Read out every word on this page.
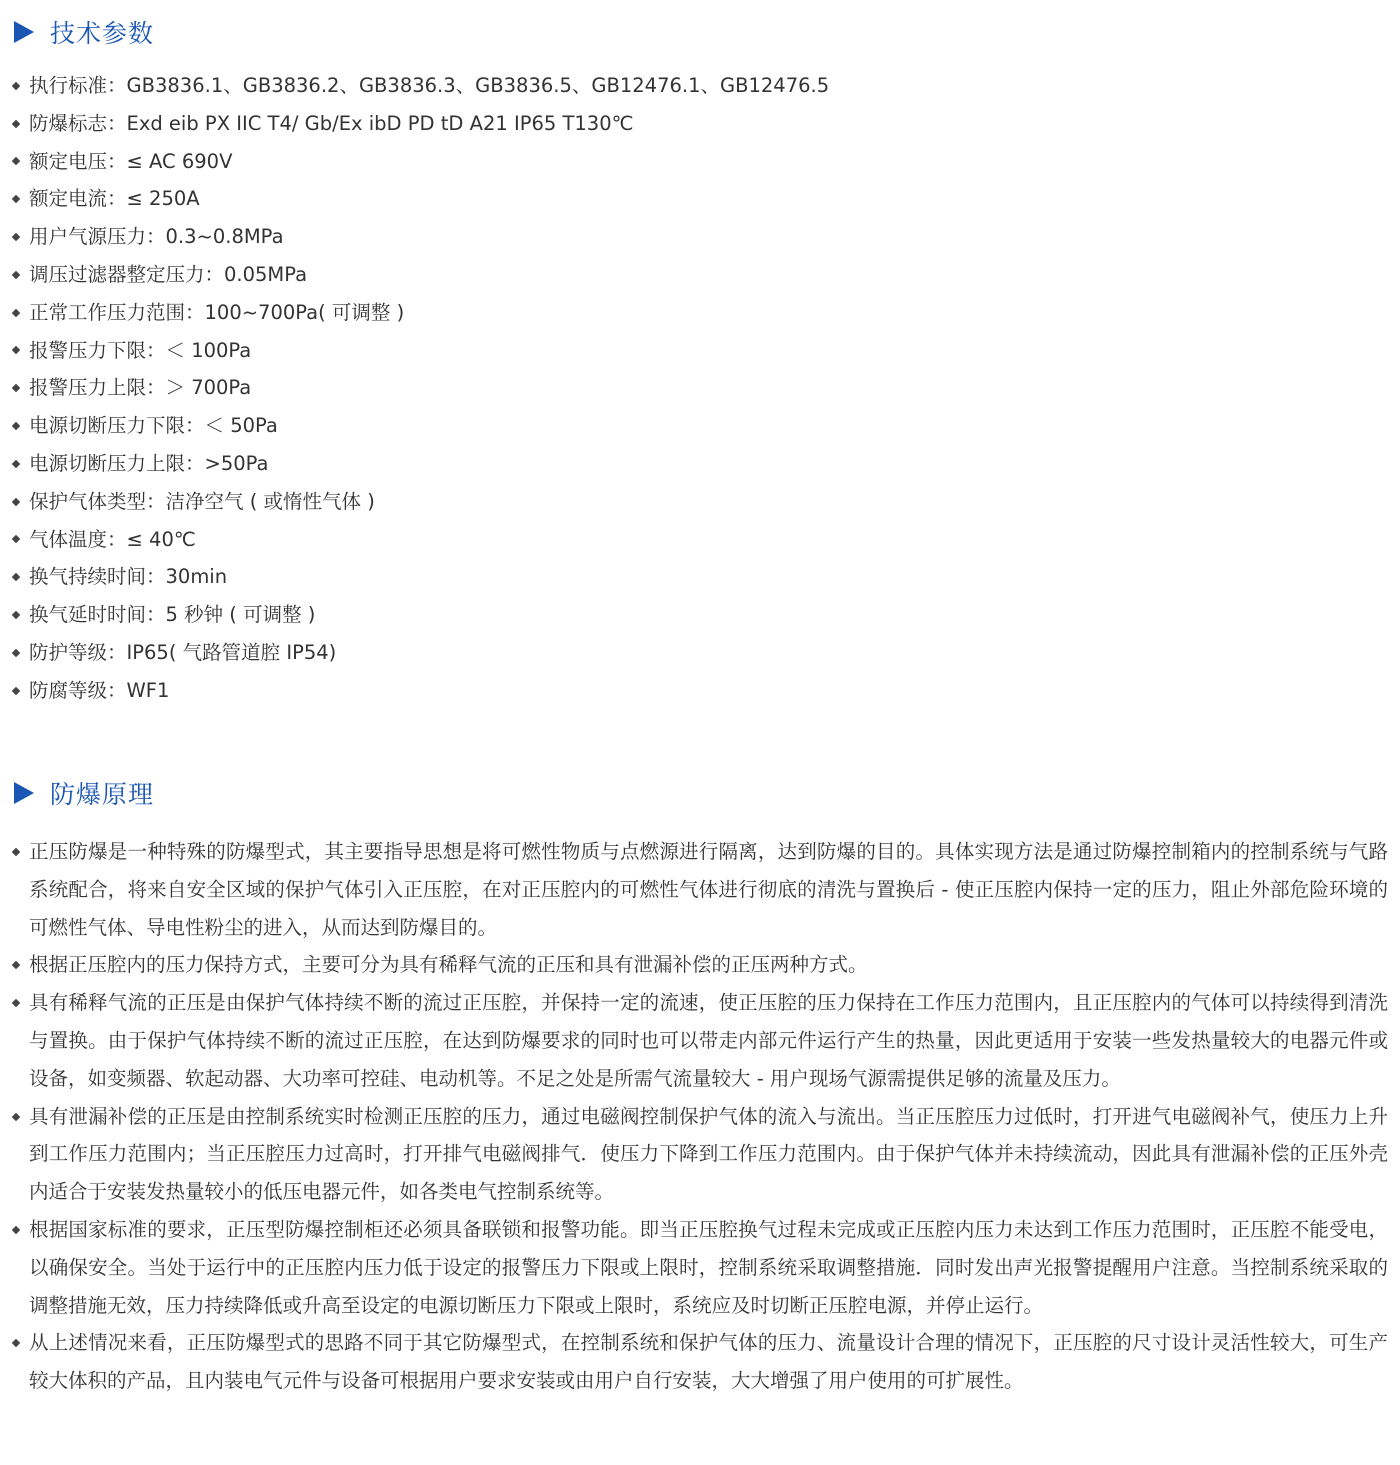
技术参数
执行标准：GB3836.1、GB3836.2、GB3836.3、GB3836.5、GB12476.1、GB12476.5
防爆标志：Exd eib PX IIC T4/ Gb/Ex ibD PD tD A21 IP65 T130℃
额定电压：≤ AC 690V
额定电流：≤ 250A
用户气源压力：0.3~0.8MPa
调压过滤器整定压力：0.05MPa
正常工作压力范围：100~700Pa( 可调整 )
报警压力下限：＜ 100Pa
报警压力上限：＞ 700Pa
电源切断压力下限：＜ 50Pa
电源切断压力上限：>50Pa
保护气体类型：洁净空气 ( 或惰性气体 )
气体温度：≤ 40℃
换气持续时间：30min
换气延时时间：5 秒钟 ( 可调整 )
防护等级：IP65( 气路管道腔 IP54)
防腐等级：WF1
防爆原理
正压防爆是一种特殊的防爆型式，其主要指导思想是将可燃性物质与点燃源进行隔离，达到防爆的目的。具体实现方法是通过防爆控制箱内的控制系统与气路系统配合，将来自安全区域的保护气体引入正压腔，在对正压腔内的可燃性气体进行彻底的清洗与置换后 - 使正压腔内保持一定的压力，阻止外部危险环境的可燃性气体、导电性粉尘的进入，从而达到防爆目的。
根据正压腔内的压力保持方式，主要可分为具有稀释气流的正压和具有泄漏补偿的正压两种方式。
具有稀释气流的正压是由保护气体持续不断的流过正压腔，并保持一定的流速，使正压腔的压力保持在工作压力范围内，且正压腔内的气体可以持续得到清洗与置换。由于保护气体持续不断的流过正压腔，在达到防爆要求的同时也可以带走内部元件运行产生的热量，因此更适用于安装一些发热量较大的电器元件或设备，如变频器、软起动器、大功率可控硅、电动机等。不足之处是所需气流量较大 - 用户现场气源需提供足够的流量及压力。
具有泄漏补偿的正压是由控制系统实时检测正压腔的压力，通过电磁阀控制保护气体的流入与流出。当正压腔压力过低时，打开进气电磁阀补气，使压力上升到工作压力范围内；当正压腔压力过高时，打开排气电磁阀排气．使压力下降到工作压力范围内。由于保护气体并未持续流动，因此具有泄漏补偿的正压外壳内适合于安装发热量较小的低压电器元件，如各类电气控制系统等。
根据国家标准的要求，正压型防爆控制柜还必须具备联锁和报警功能。即当正压腔换气过程未完成或正压腔内压力未达到工作压力范围时，正压腔不能受电，以确保安全。当处于运行中的正压腔内压力低于设定的报警压力下限或上限时，控制系统采取调整措施．同时发出声光报警提醒用户注意。当控制系统采取的调整措施无效，压力持续降低或升高至设定的电源切断压力下限或上限时，系统应及时切断正压腔电源，并停止运行。
从上述情况来看，正压防爆型式的思路不同于其它防爆型式，在控制系统和保护气体的压力、流量设计合理的情况下，正压腔的尺寸设计灵活性较大，可生产较大体积的产品，且内装电气元件与设备可根据用户要求安装或由用户自行安装，大大增强了用户使用的可扩展性。
